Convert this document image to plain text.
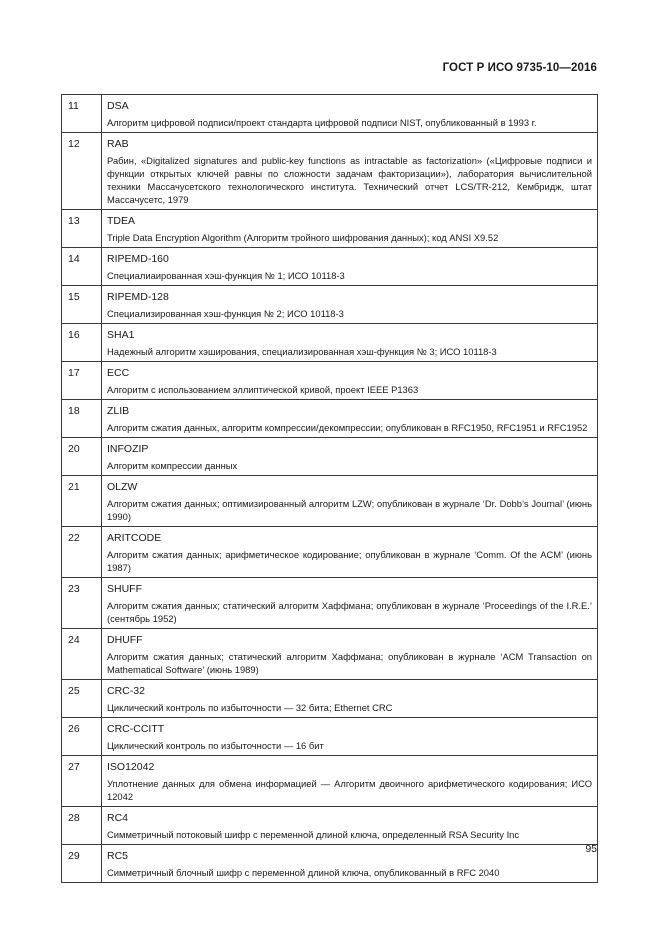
ГОСТ Р ИСО 9735-10—2016
11	DSA
Алгоритм цифровой подписи/проект стандарта цифровой подписи NIST, опубликованный в 1993 г.

12	RAB
Рабин, «Digitalized signatures and public-key functions as intractable as factorization» («Цифровые подписи и функции открытых ключей равны по сложности задачам факторизации»), лаборатория вычислительной техники Массачусетского технологического института. Технический отчет LCS/TR-212, Кембридж, штат Массачусетс, 1979

13	TDEA
Triple Data Encryption Algorithm (Алгоритм тройного шифрования данных); код ANSI X9.52

14	RIPEMD-160
Специалиаированная хэш-функция № 1; ИСО 10118-3

15	RIPEMD-128
Специализированная хэш-функция № 2; ИСО 10118-3

16	SHA1
Надежный алгоритм хэширования, специализированная хэш-функция № 3; ИСО 10118-3

17	ECC
Алгоритм с использованием эллиптической кривой, проект IEEE P1363

18	ZLIB
Алгоритм сжатия данных, алгоритм компрессии/декомпрессии; опубликован в RFC1950, RFC1951 и RFC1952

20	INFOZIP
Алгоритм компрессии данных

21	OLZW
Алгоритм сжатия данных; оптимизированный алгоритм LZW; опубликован в журнале ‘Dr. Dobb’s Journal’ (июнь 1990)

22	ARITCODE
Алгоритм сжатия данных; арифметическое кодирование; опубликован в журнале ‘Comm. Of the ACM’ (июнь 1987)

23	SHUFF
Алгоритм сжатия данных; статический алгоритм Хаффмана; опубликован в журнале ‘Proceedings of the I.R.E.’ (сентябрь 1952)

24	DHUFF
Алгоритм сжатия данных; статический алгоритм Хаффмана; опубликован в журнале ‘ACM Transaction on Mathematical Software’ (июнь 1989)

25	CRC-32
Циклический контроль по избыточности — 32 бита; Ethernet CRC

26	CRC-CCITT
Циклический контроль по избыточности — 16 бит

27	ISO12042
Уплотнение данных для обмена информацией — Алгоритм двоичного арифметического кодирования; ИСО 12042

28	RC4
Симметричный потоковый шифр с переменной длиной ключа, определенный RSA Security Inc

29	RC5
Симметричный блочный шифр с переменной длиной ключа, опубликованный в RFC 2040
95
